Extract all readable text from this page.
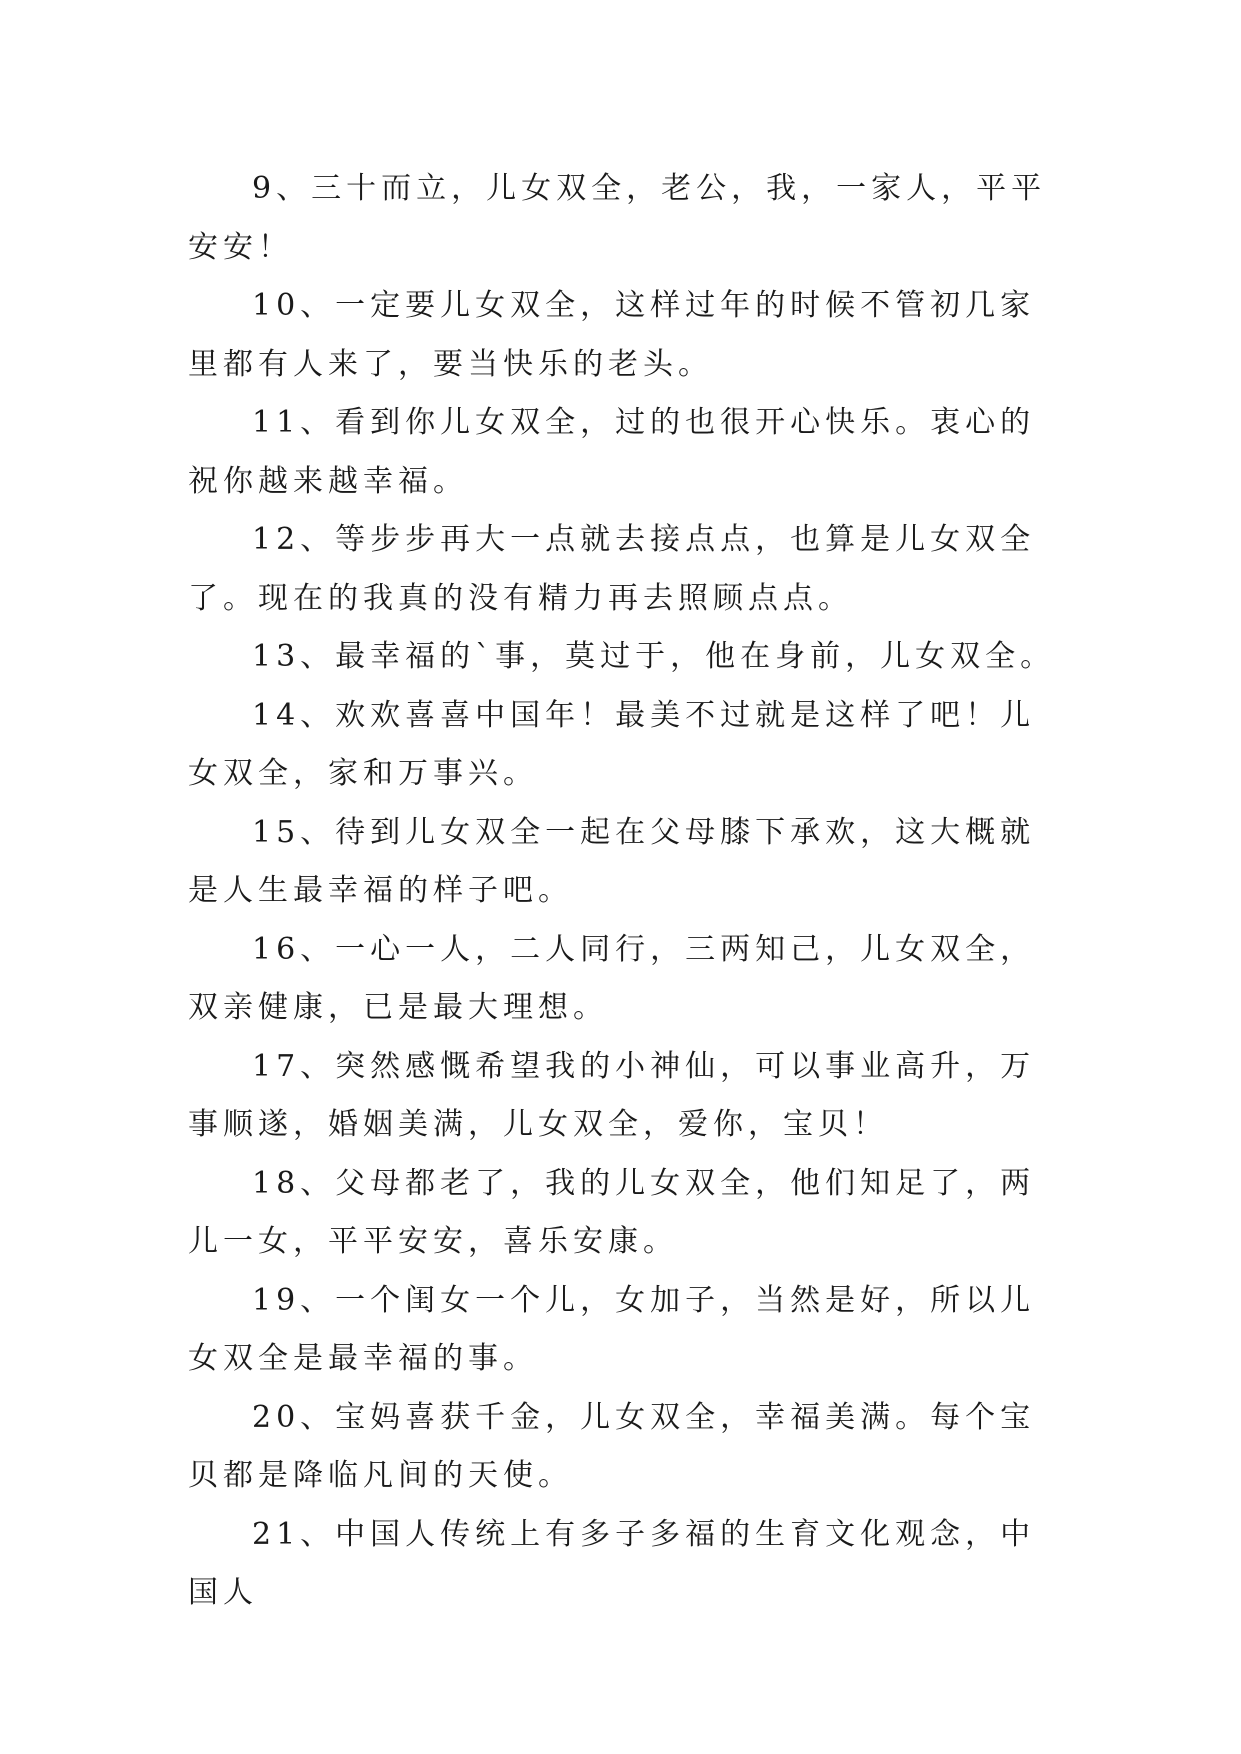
9、三十而立，儿女双全，老公，我，一家人，平平安安！

10、一定要儿女双全，这样过年的时候不管初几家里都有人来了，要当快乐的老头。

11、看到你儿女双全，过的也很开心快乐。衷心的祝你越来越幸福。

12、等步步再大一点就去接点点，也算是儿女双全了。现在的我真的没有精力再去照顾点点。

13、最幸福的`事，莫过于，他在身前，儿女双全。

14、欢欢喜喜中国年！最美不过就是这样了吧！儿女双全，家和万事兴。

15、待到儿女双全一起在父母膝下承欢，这大概就是人生最幸福的样子吧。

16、一心一人，二人同行，三两知己，儿女双全，双亲健康，已是最大理想。

17、突然感慨希望我的小神仙，可以事业高升，万事顺遂，婚姻美满，儿女双全，爱你，宝贝！

18、父母都老了，我的儿女双全，他们知足了，两儿一女，平平安安，喜乐安康。

19、一个闺女一个儿，女加子，当然是好，所以儿女双全是最幸福的事。

20、宝妈喜获千金，儿女双全，幸福美满。每个宝贝都是降临凡间的天使。

21、中国人传统上有多子多福的生育文化观念，中国人
